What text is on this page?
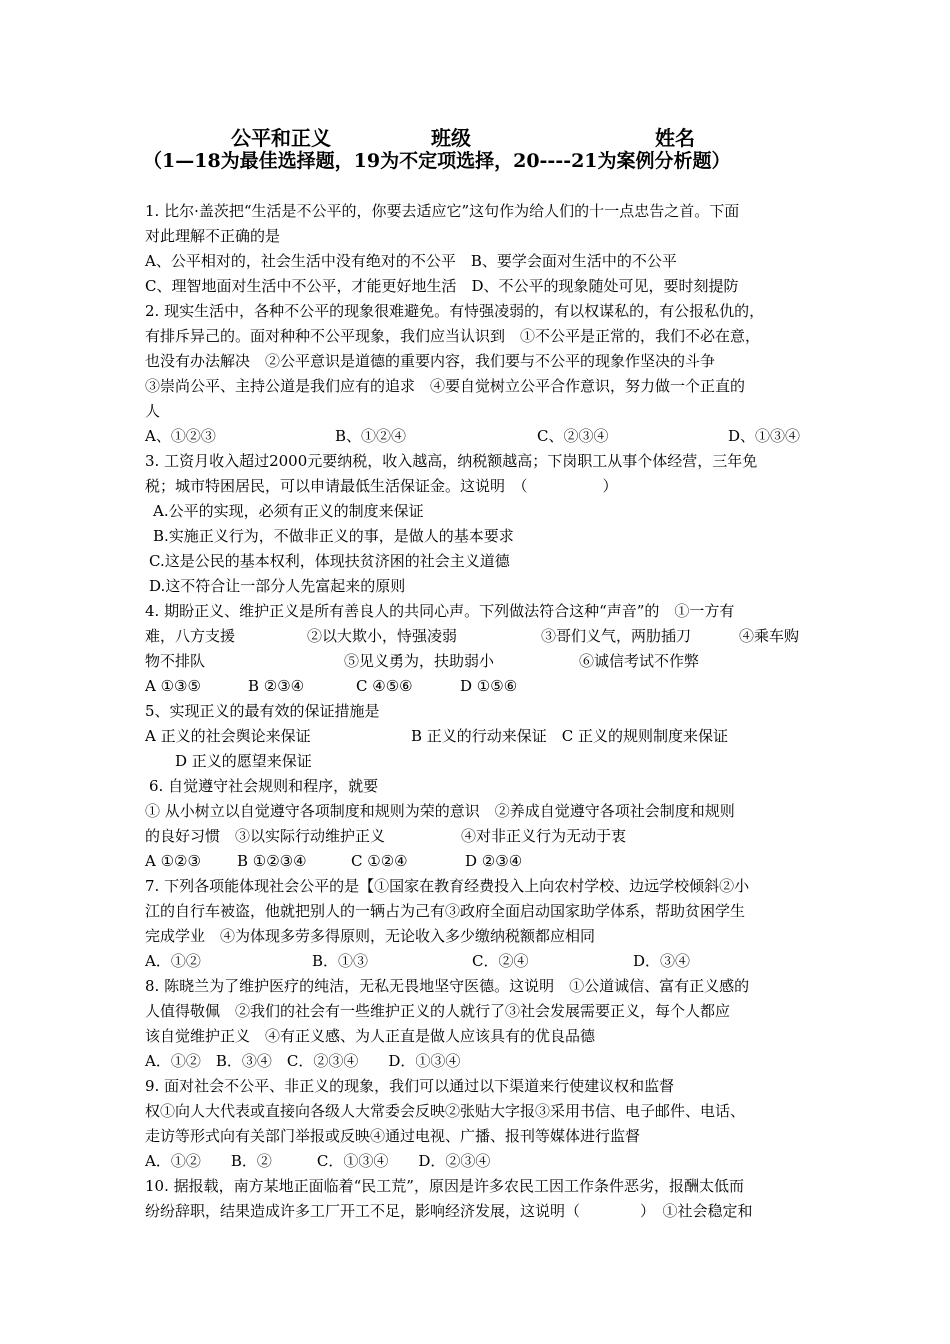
公平和正义	班级	姓名
（1—18为最佳选择题，19为不定项选择，20----21为案例分析题）
1. 比尔·盖茨把“生活是不公平的，你要去适应它”这句作为给人们的十一点忠告之首。下面
对此理解不正确的是
A、公平相对的，社会生活中没有绝对的不公平　B、要学会面对生活中的不公平
C、理智地面对生活中不公平，才能更好地生活　D、不公平的现象随处可见，要时刻提防
2. 现实生活中，各种不公平的现象很难避免。有恃强凌弱的，有以权谋私的，有公报私仇的，
有排斥异己的。面对种种不公平现象，我们应当认识到　①不公平是正常的，我们不必在意，
也没有办法解决　②公平意识是道德的重要内容，我们要与不公平的现象作坚决的斗争
③崇尚公平、主持公道是我们应有的追求　④要自觉树立公平合作意识，努力做一个正直的
人
A、①②③	B、①②④	C、②③④	D、①③④
3. 工资月收入超过2000元要纳税，收入越高，纳税额越高；下岗职工从事个体经营，三年免
税；城市特困居民，可以申请最低生活保证金。这说明　（　　　　　）
A.公平的实现，必须有正义的制度来保证
B.实施正义行为，不做非正义的事，是做人的基本要求
C.这是公民的基本权利，体现扶贫济困的社会主义道德
D.这不符合让一部分人先富起来的原则
4. 期盼正义、维护正义是所有善良人的共同心声。下列做法符合这种“声音”的　①一方有
难，八方支援	②以大欺小，恃强凌弱	③哥们义气，两肋插刀	④乘车购
物不排队	⑤见义勇为，扶助弱小	⑥诚信考试不作弊
A ①③⑤	B ②③④	C ④⑤⑥	D ①⑤⑥
5、实现正义的最有效的保证措施是
A 正义的社会舆论来保证	B 正义的行动来保证　C 正义的规则制度来保证
D 正义的愿望来保证
6. 自觉遵守社会规则和程序，就要
① 从小树立以自觉遵守各项制度和规则为荣的意识　②养成自觉遵守各项社会制度和规则
的良好习惯　③以实际行动维护正义	④对非正义行为无动于衷
A ①②③ B ①②③④	C ①②④	D ②③④
7. 下列各项能体现社会公平的是【①国家在教育经费投入上向农村学校、边远学校倾斜②小
江的自行车被盗，他就把别人的一辆占为己有③政府全面启动国家助学体系，帮助贫困学生
完成学业　④为体现多劳多得原则，无论收入多少缴纳税额都应相同
A．①②	B．①③	C．②④	D．③④
8. 陈晓兰为了维护医疗的纯洁，无私无畏地坚守医德。这说明　①公道诚信、富有正义感的
人值得敬佩　②我们的社会有一些维护正义的人就行了③社会发展需要正义，每个人都应
该自觉维护正义　④有正义感、为人正直是做人应该具有的优良品德
A．①②　B．③④　C．②③④　　D．①③④
9. 面对社会不公平、非正义的现象，我们可以通过以下渠道来行使建议权和监督
权①向人大代表或直接向各级人大常委会反映②张贴大字报③采用书信、电子邮件、电话、
走访等形式向有关部门举报或反映④通过电视、广播、报刊等媒体进行监督
A．①②　　B．②　　　C．①③④　　D．②③④
10. 据报载，南方某地正面临着“民工荒”，原因是许多农民工因工作条件恶劣，报酬太低而
纷纷辞职，结果造成许多工厂开工不足，影响经济发展，这说明（　　　　）　①社会稳定和
